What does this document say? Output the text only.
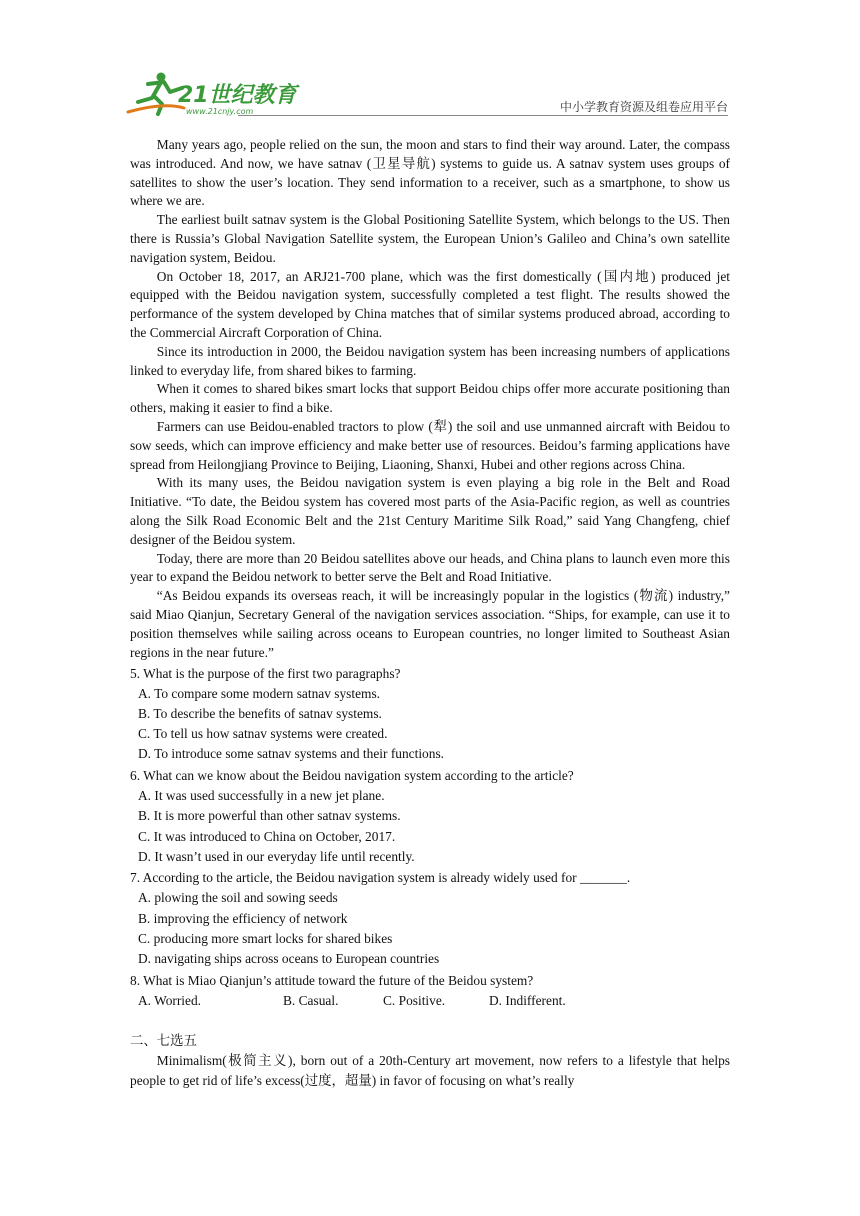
21世纪教育
www.21cnjy.com	中小学教育资源及组卷应用平台

Many years ago, people relied on the sun, the moon and stars to find their way around. Later, the compass was introduced. And now, we have satnav (卫星导航) systems to guide us. A satnav system uses groups of satellites to show the user’s location. They send information to a receiver, such as a smartphone, to show us where we are.

The earliest built satnav system is the Global Positioning Satellite System, which belongs to the US. Then there is Russia’s Global Navigation Satellite system, the European Union’s Galileo and China’s own satellite navigation system, Beidou.

On October 18, 2017, an ARJ21-700 plane, which was the first domestically (国内地) produced jet equipped with the Beidou navigation system, successfully completed a test flight. The results showed the performance of the system developed by China matches that of similar systems produced abroad, according to the Commercial Aircraft Corporation of China.

Since its introduction in 2000, the Beidou navigation system has been increasing numbers of applications linked to everyday life, from shared bikes to farming.

When it comes to shared bikes smart locks that support Beidou chips offer more accurate positioning than others, making it easier to find a bike.

Farmers can use Beidou-enabled tractors to plow (犁) the soil and use unmanned aircraft with Beidou to sow seeds, which can improve efficiency and make better use of resources. Beidou’s farming applications have spread from Heilongjiang Province to Beijing, Liaoning, Shanxi, Hubei and other regions across China.

With its many uses, the Beidou navigation system is even playing a big role in the Belt and Road Initiative. “To date, the Beidou system has covered most parts of the Asia-Pacific region, as well as countries along the Silk Road Economic Belt and the 21st Century Maritime Silk Road,” said Yang Changfeng, chief designer of the Beidou system.

Today, there are more than 20 Beidou satellites above our heads, and China plans to launch even more this year to expand the Beidou network to better serve the Belt and Road Initiative.

“As Beidou expands its overseas reach, it will be increasingly popular in the logistics (物流) industry,” said Miao Qianjun, Secretary General of the navigation services association. “Ships, for example, can use it to position themselves while sailing across oceans to European countries, no longer limited to Southeast Asian regions in the near future.”

5. What is the purpose of the first two paragraphs?

A. To compare some modern satnav systems.

B. To describe the benefits of satnav systems.

C. To tell us how satnav systems were created.

D. To introduce some satnav systems and their functions.

6. What can we know about the Beidou navigation system according to the article?

A. It was used successfully in a new jet plane.

B. It is more powerful than other satnav systems.

C. It was introduced to China on October, 2017.

D. It wasn’t used in our everyday life until recently.

7. According to the article, the Beidou navigation system is already widely used for _______.

A. plowing the soil and sowing seeds

B. improving the efficiency of network

C. producing more smart locks for shared bikes

D. navigating ships across oceans to European countries

8. What is Miao Qianjun’s attitude toward the future of the Beidou system?

A. Worried.	B. Casual.	C. Positive.	D. Indifferent.

二、七选五

Minimalism(极简主义), born out of a 20th-Century art movement, now refers to a lifestyle that helps people to get rid of life’s excess(过度，超量) in favor of focusing on what’s really
